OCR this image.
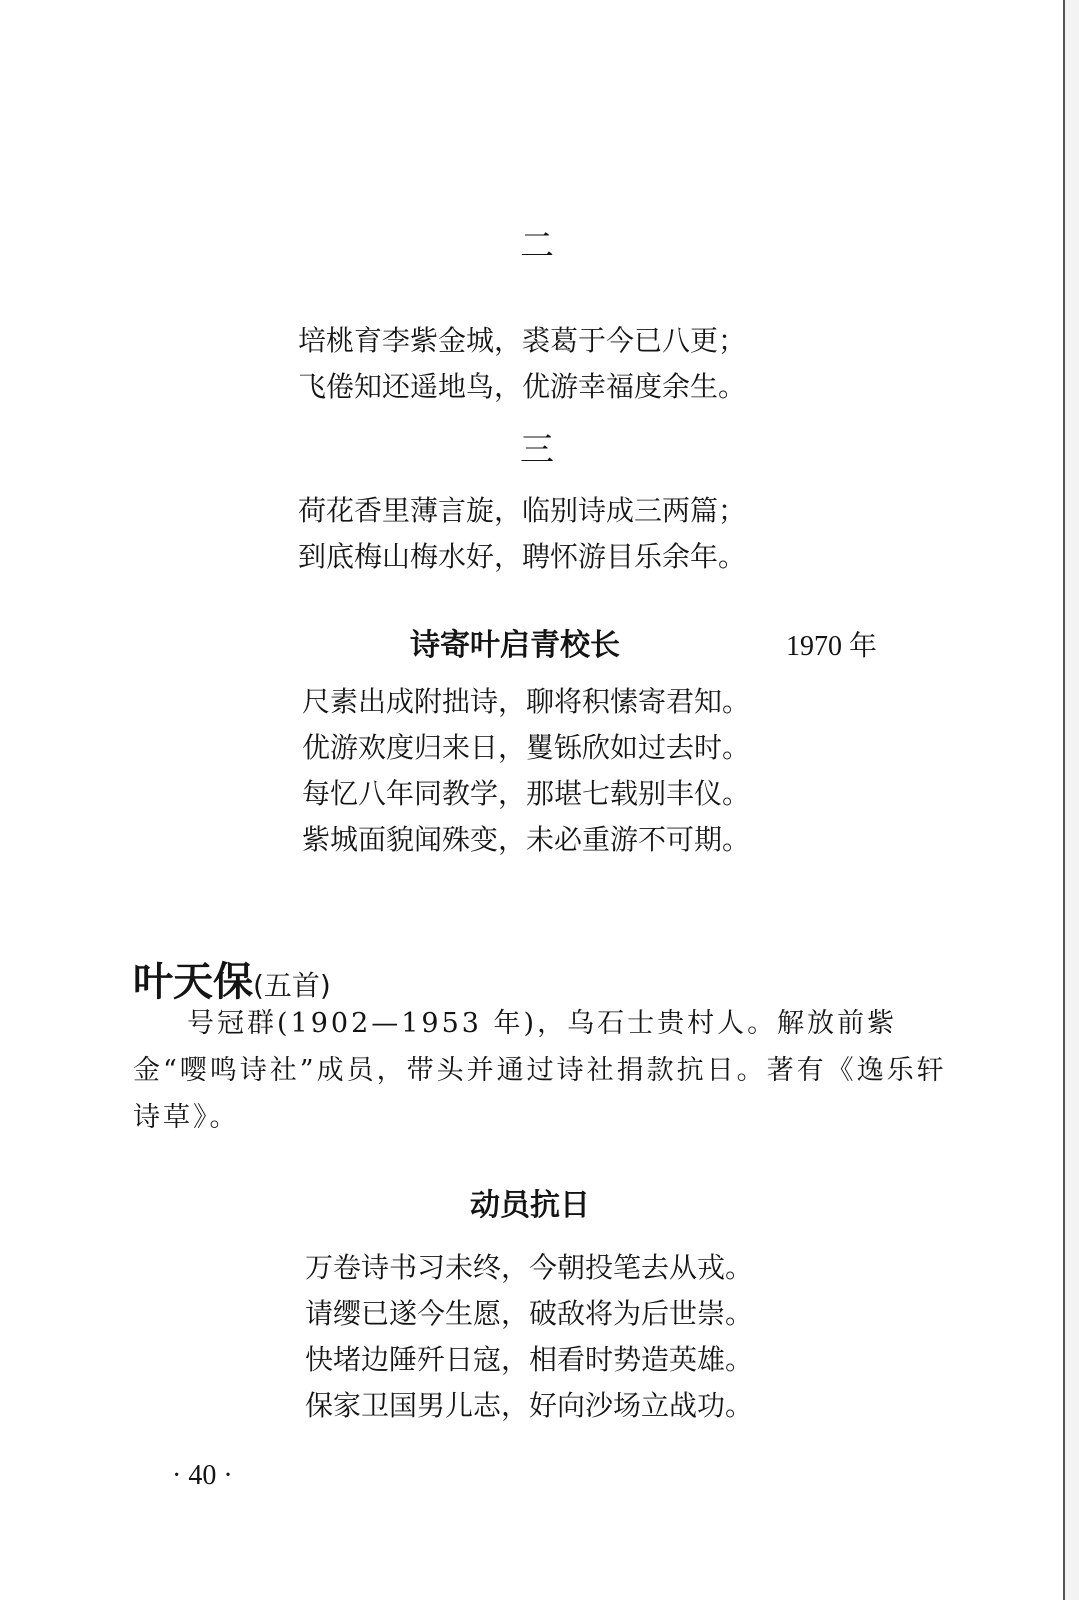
二
培桃育李紫金城，裘葛于今已八更；
飞倦知还遥地鸟，优游幸福度余生。
三
荷花香里薄言旋，临别诗成三两篇；
到底梅山梅水好，聘怀游目乐余年。
诗寄叶启青校长	1970 年
尺素出成附拙诗，聊将积愫寄君知。
优游欢度归来日，矍铄欣如过去时。
每忆八年同教学，那堪七载别丰仪。
紫城面貌闻殊变，未必重游不可期。
叶天保(五首)
号冠群(1902—1953 年)，乌石士贵村人。解放前紫金“嘤鸣诗社”成员，带头并通过诗社捐款抗日。著有《逸乐轩诗草》。
动员抗日
万卷诗书习未终，今朝投笔去从戎。
请缨已遂今生愿，破敌将为后世崇。
快堵边陲歼日寇，相看时势造英雄。
保家卫国男儿志，好向沙场立战功。
· 40 ·
